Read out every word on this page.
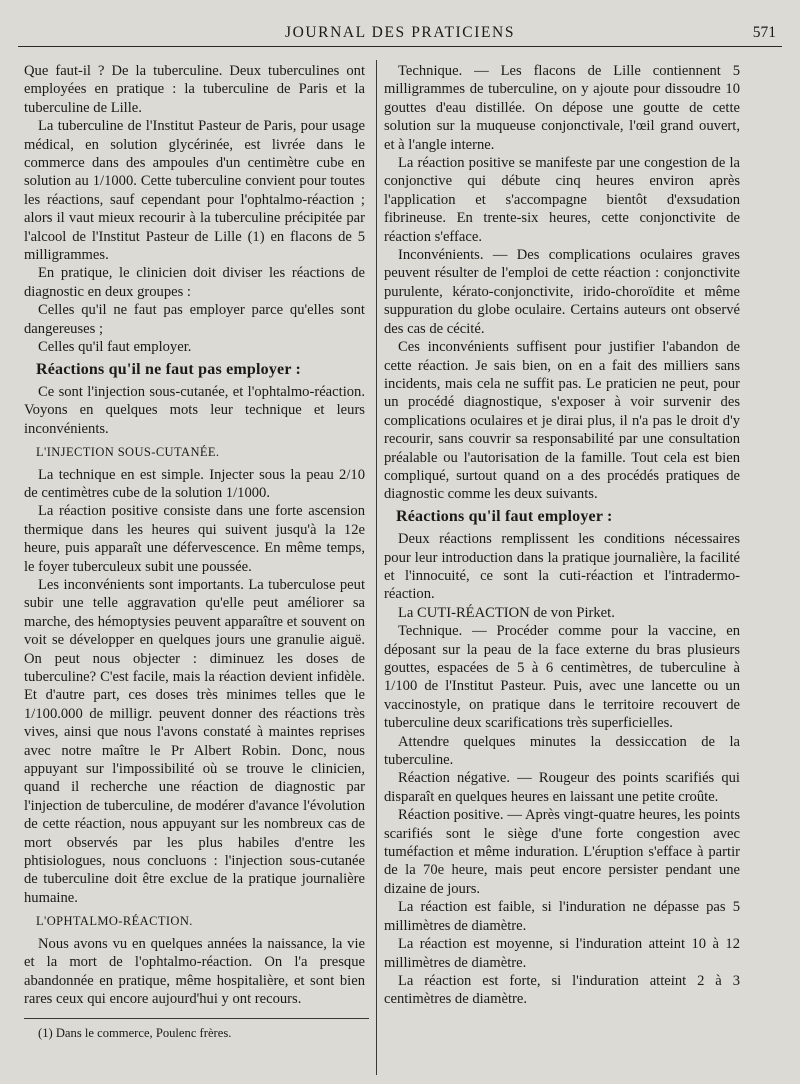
JOURNAL DES PRATICIENS	571

Que faut-il ? De la tuberculine. Deux tuberculines ont employées en pratique : la tuberculine de Paris et la tuberculine de Lille.

La tuberculine de l'Institut Pasteur de Paris, pour usage médical, en solution glycérinée, est livrée dans le commerce dans des ampoules d'un centimètre cube en solution au 1/1000. Cette tuberculine convient pour toutes les réactions, sauf cependant pour l'ophtalmo-réaction ; alors il vaut mieux recourir à la tuberculine précipitée par l'alcool de l'Institut Pasteur de Lille (1) en flacons de 5 milligrammes.

En pratique, le clinicien doit diviser les réactions de diagnostic en deux groupes :

Celles qu'il ne faut pas employer parce qu'elles sont dangereuses ;

Celles qu'il faut employer.

Réactions qu'il ne faut pas employer :

Ce sont l'injection sous-cutanée, et l'ophtalmo-réaction. Voyons en quelques mots leur technique et leurs inconvénients.

L'INJECTION SOUS-CUTANÉE.

La technique en est simple. Injecter sous la peau 2/10 de centimètres cube de la solution 1/1000.

La réaction positive consiste dans une forte ascension thermique dans les heures qui suivent jusqu'à la 12e heure, puis apparaît une défervescence. En même temps, le foyer tuberculeux subit une poussée.

Les inconvénients sont importants. La tuberculose peut subir une telle aggravation qu'elle peut améliorer sa marche, des hémoptysies peuvent apparaître et souvent on voit se développer en quelques jours une granulie aiguë. On peut nous objecter : diminuez les doses de tuberculine? C'est facile, mais la réaction devient infidèle. Et d'autre part, ces doses très minimes telles que le 1/100.000 de milligr. peuvent donner des réactions très vives, ainsi que nous l'avons constaté à maintes reprises avec notre maître le Pr Albert Robin. Donc, nous appuyant sur l'impossibilité où se trouve le clinicien, quand il recherche une réaction de diagnostic par l'injection de tuberculine, de modérer d'avance l'évolution de cette réaction, nous appuyant sur les nombreux cas de mort observés par les plus habiles d'entre les phtisiologues, nous concluons : l'injection sous-cutanée de tuberculine doit être exclue de la pratique journalière humaine.

L'OPHTALMO-RÉACTION.

Nous avons vu en quelques années la naissance, la vie et la mort de l'ophtalmo-réaction. On l'a presque abandonnée en pratique, même hospitalière, et sont bien rares ceux qui encore aujourd'hui y ont recours.

(1) Dans le commerce, Poulenc frères.

Technique. — Les flacons de Lille contiennent 5 milligrammes de tuberculine, on y ajoute pour dissoudre 10 gouttes d'eau distillée. On dépose une goutte de cette solution sur la muqueuse conjonctivale, l'œil grand ouvert, et à l'angle interne.

La réaction positive se manifeste par une congestion de la conjonctive qui débute cinq heures environ après l'application et s'accompagne bientôt d'exsudation fibrineuse. En trente-six heures, cette conjonctivite de réaction s'efface.

Inconvénients. — Des complications oculaires graves peuvent résulter de l'emploi de cette réaction : conjonctivite purulente, kérato-conjonctivite, irido-choroïdite et même suppuration du globe oculaire. Certains auteurs ont observé des cas de cécité.

Ces inconvénients suffisent pour justifier l'abandon de cette réaction. Je sais bien, on en a fait des milliers sans incidents, mais cela ne suffit pas. Le praticien ne peut, pour un procédé diagnostique, s'exposer à voir survenir des complications oculaires et je dirai plus, il n'a pas le droit d'y recourir, sans couvrir sa responsabilité par une consultation préalable ou l'autorisation de la famille. Tout cela est bien compliqué, surtout quand on a des procédés pratiques de diagnostic comme les deux suivants.

Réactions qu'il faut employer :

Deux réactions remplissent les conditions nécessaires pour leur introduction dans la pratique journalière, la facilité et l'innocuité, ce sont la cuti-réaction et l'intradermo-réaction.

La CUTI-RÉACTION de von Pirket.

Technique. — Procéder comme pour la vaccine, en déposant sur la peau de la face externe du bras plusieurs gouttes, espacées de 5 à 6 centimètres, de tuberculine à 1/100 de l'Institut Pasteur. Puis, avec une lancette ou un vaccinostyle, on pratique dans le territoire recouvert de tuberculine deux scarifications très superficielles.

Attendre quelques minutes la dessiccation de la tuberculine.

Réaction négative. — Rougeur des points scarifiés qui disparaît en quelques heures en laissant une petite croûte.

Réaction positive. — Après vingt-quatre heures, les points scarifiés sont le siège d'une forte congestion avec tuméfaction et même induration. L'éruption s'efface à partir de la 70e heure, mais peut encore persister pendant une dizaine de jours.

La réaction est faible, si l'induration ne dépasse pas 5 millimètres de diamètre.

La réaction est moyenne, si l'induration atteint 10 à 12 millimètres de diamètre.

La réaction est forte, si l'induration atteint 2 à 3 centimètres de diamètre.
